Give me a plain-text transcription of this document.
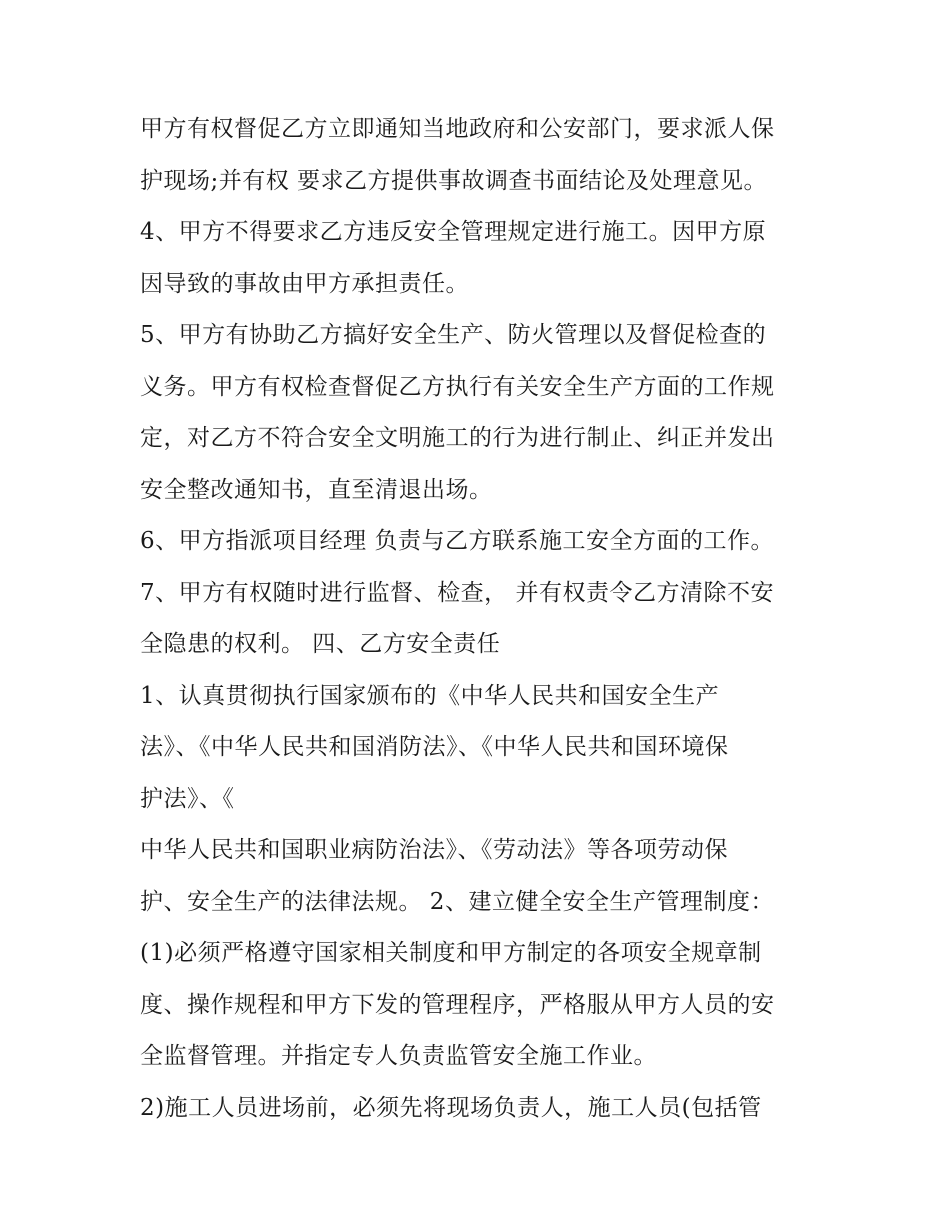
甲方有权督促乙方立即通知当地政府和公安部门，要求派人保
护现场;并有权 要求乙方提供事故调查书面结论及处理意见。
4、甲方不得要求乙方违反安全管理规定进行施工。因甲方原
因导致的事故由甲方承担责任。
5、甲方有协助乙方搞好安全生产、防火管理以及督促检查的
义务。甲方有权检查督促乙方执行有关安全生产方面的工作规
定，对乙方不符合安全文明施工的行为进行制止、纠正并发出
安全整改通知书，直至清退出场。
6、甲方指派项目经理 负责与乙方联系施工安全方面的工作。
7、甲方有权随时进行监督、检查， 并有权责令乙方清除不安
全隐患的权利。 四、乙方安全责任
1、认真贯彻执行国家颁布的《中华人民共和国安全生产
法》、《中华人民共和国消防法》、《中华人民共和国环境保
护法》、《
中华人民共和国职业病防治法》、《劳动法》等各项劳动保
护、安全生产的法律法规。 2、建立健全安全生产管理制度：
(1)必须严格遵守国家相关制度和甲方制定的各项安全规章制
度、操作规程和甲方下发的管理程序，严格服从甲方人员的安
全监督管理。并指定专人负责监管安全施工作业。
2)施工人员进场前，必须先将现场负责人，施工人员(包括管
